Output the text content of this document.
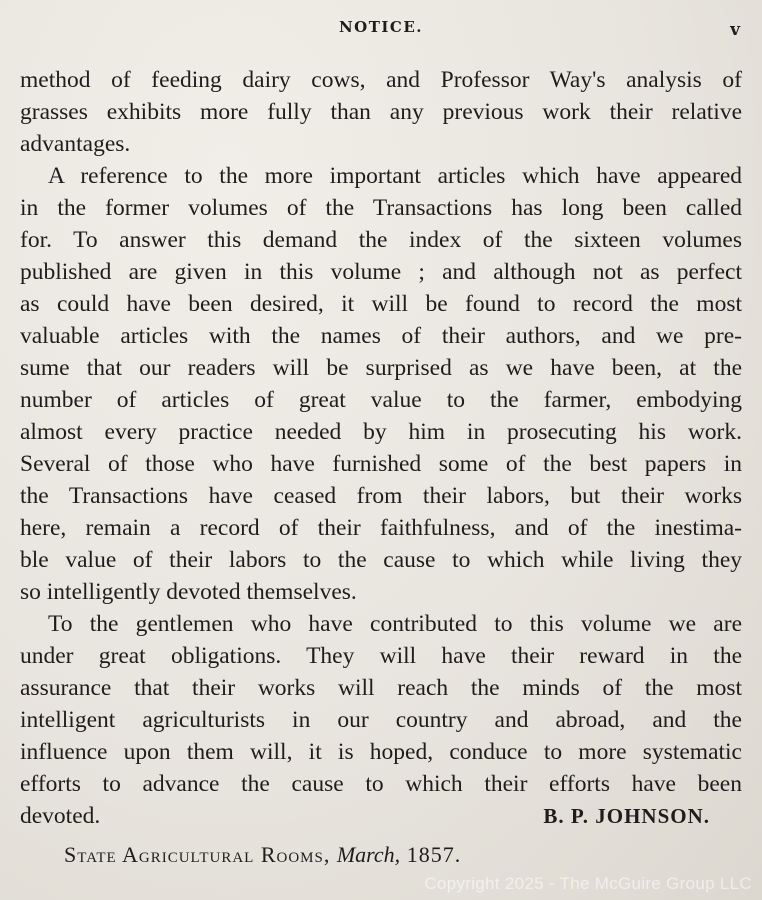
NOTICE.	v
method of feeding dairy cows, and Professor Way's analysis of
grasses exhibits more fully than any previous work their relative
advantages.
A reference to the more important articles which have appeared
in the former volumes of the Transactions has long been called
for. To answer this demand the index of the sixteen volumes
published are given in this volume ; and although not as perfect
as could have been desired, it will be found to record the most
valuable articles with the names of their authors, and we pre-
sume that our readers will be surprised as we have been, at the
number of articles of great value to the farmer, embodying
almost every practice needed by him in prosecuting his work.
Several of those who have furnished some of the best papers in
the Transactions have ceased from their labors, but their works
here, remain a record of their faithfulness, and of the inestima-
ble value of their labors to the cause to which while living they
so intelligently devoted themselves.
To the gentlemen who have contributed to this volume we are
under great obligations. They will have their reward in the
assurance that their works will reach the minds of the most
intelligent agriculturists in our country and abroad, and the
influence upon them will, it is hoped, conduce to more systematic
efforts to advance the cause to which their efforts have been
devoted.	B. P. JOHNSON.
State Agricultural Rooms, March, 1857.
Copyright 2025 - The McGuire Group LLC
